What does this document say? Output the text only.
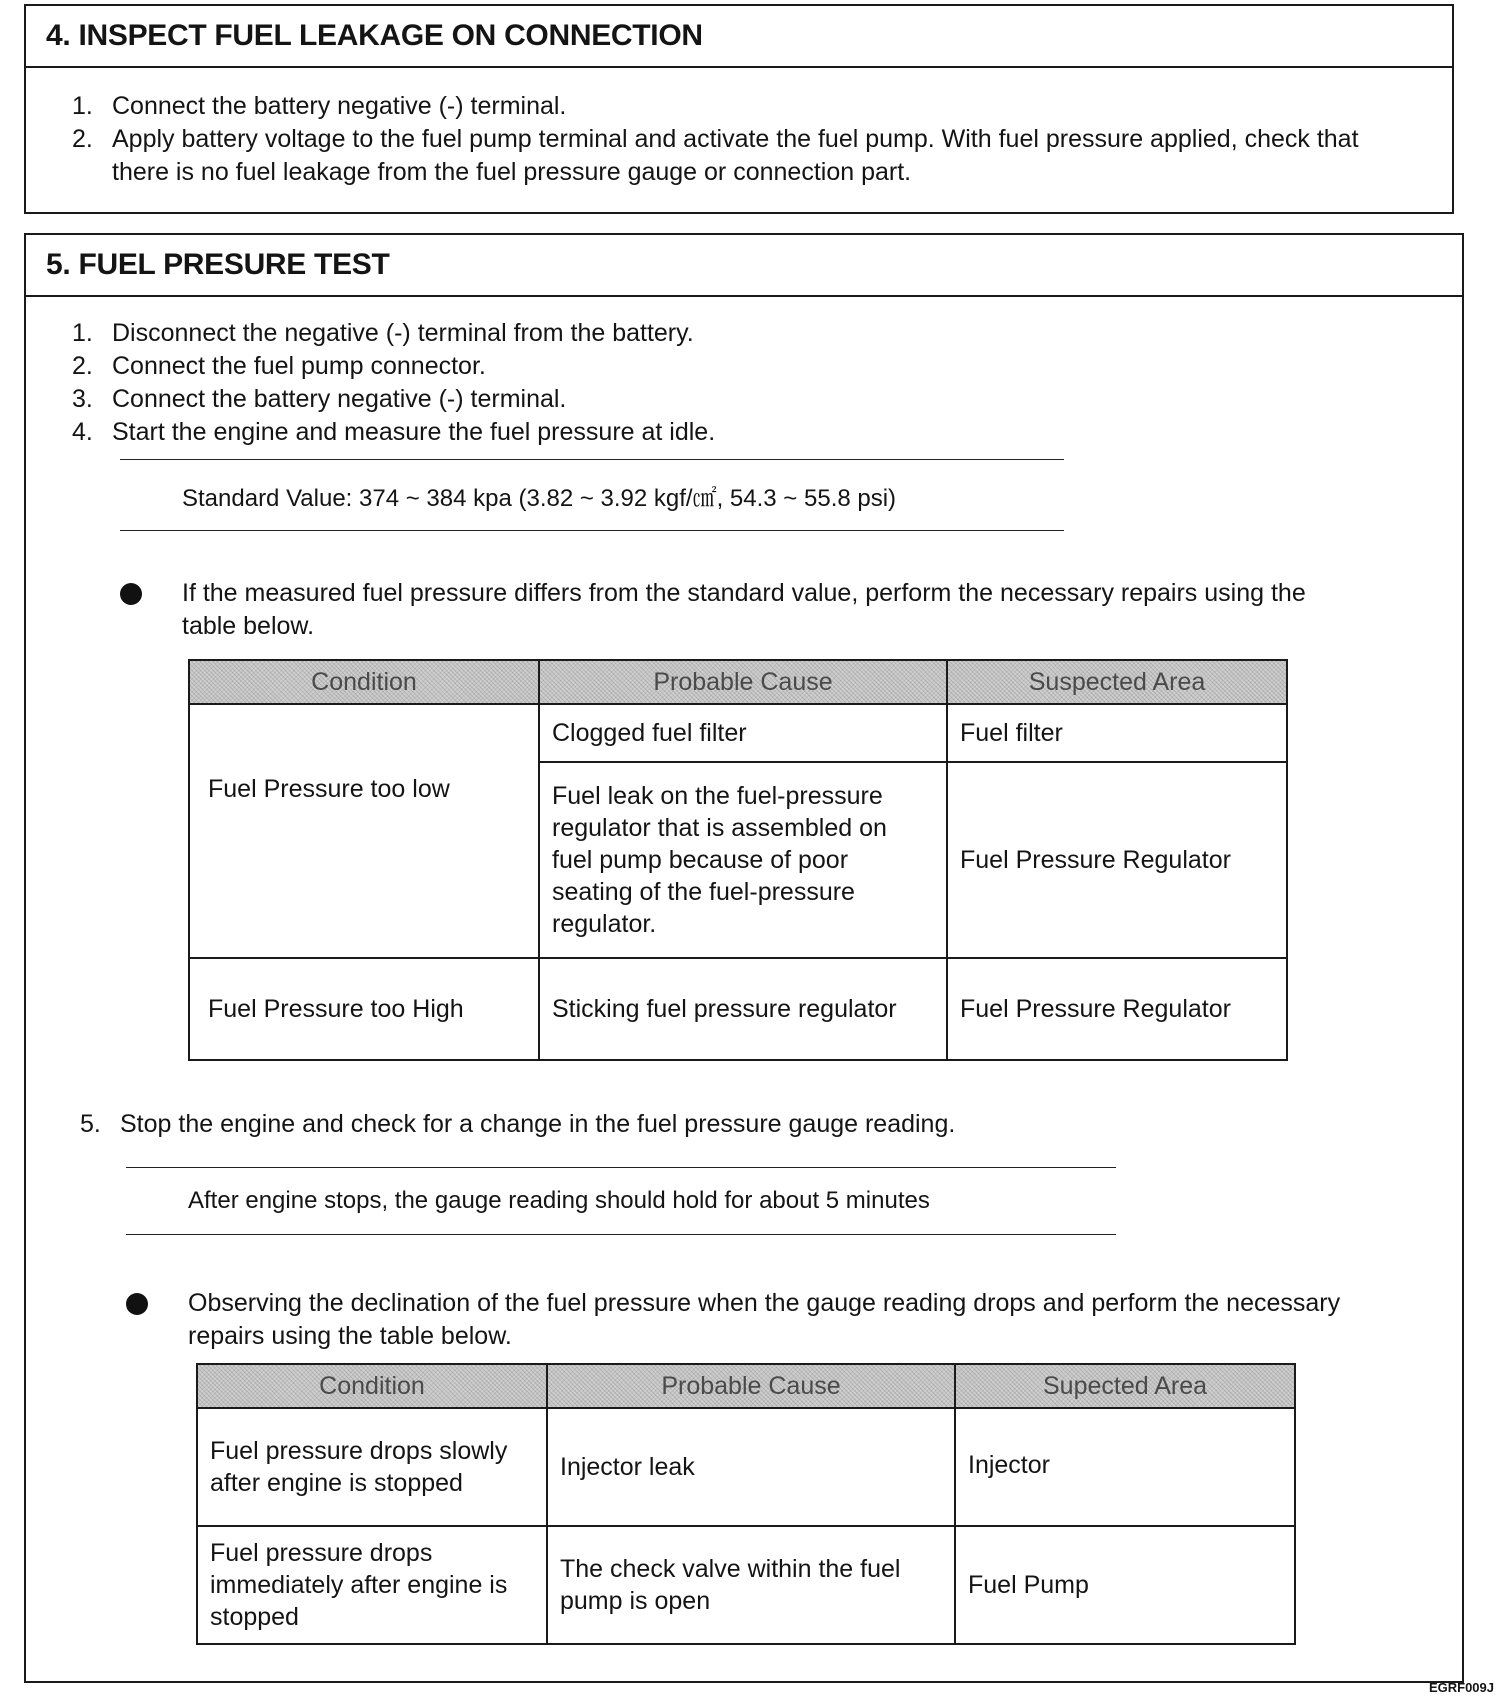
4. INSPECT FUEL LEAKAGE ON CONNECTION
1. Connect the battery negative (-) terminal.
2. Apply battery voltage to the fuel pump terminal and activate the fuel pump. With fuel pressure applied, check that there is no fuel leakage from the fuel pressure gauge or connection part.
5. FUEL PRESURE TEST
1. Disconnect the negative (-) terminal from the battery.
2. Connect the fuel pump connector.
3. Connect the battery negative (-) terminal.
4. Start the engine and measure the fuel pressure at idle.
Standard Value: 374 ~ 384 kpa (3.82 ~ 3.92 kgf/㎠, 54.3 ~ 55.8 psi)
If the measured fuel pressure differs from the standard value, perform the necessary repairs using the table below.
Condition	Probable Cause	Suspected Area
Fuel Pressure too low	Clogged fuel filter	Fuel filter
	Fuel leak on the fuel-pressure regulator that is assembled on fuel pump because of poor seating of the fuel-pressure regulator.	Fuel Pressure Regulator
Fuel Pressure too High	Sticking fuel pressure regulator	Fuel Pressure Regulator
5. Stop the engine and check for a change in the fuel pressure gauge reading.
After engine stops, the gauge reading should hold for about 5 minutes
Observing the declination of the fuel pressure when the gauge reading drops and perform the necessary repairs using the table below.
Condition	Probable Cause	Supected Area
Fuel pressure drops slowly after engine is stopped	Injector leak	Injector
Fuel pressure drops immediately after engine is stopped	The check valve within the fuel pump is open	Fuel Pump
EGRF009J
